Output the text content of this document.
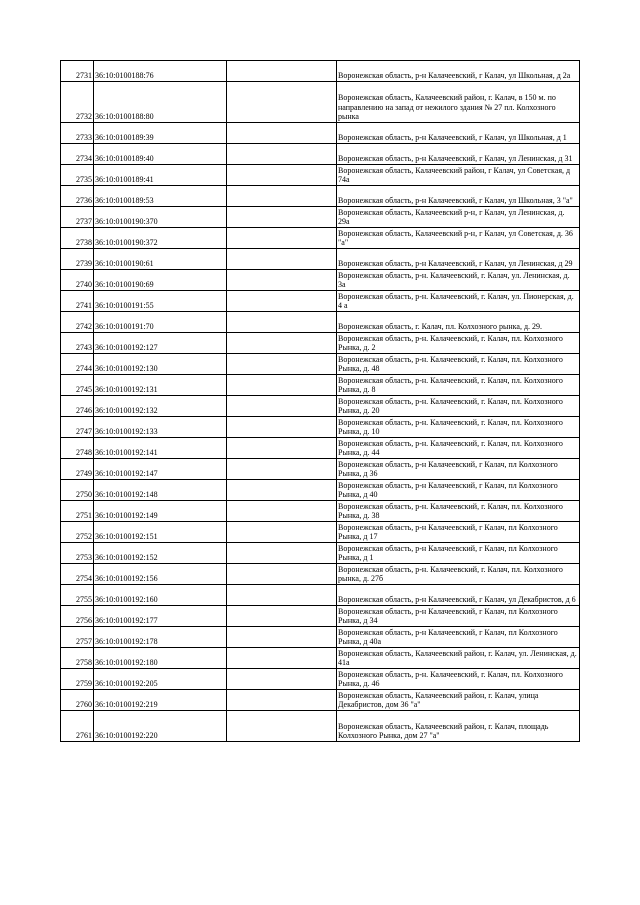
2731	36:10:0100188:76		Воронежская область, р-н Калачеевский, г Калач, ул Школьная, д 2а
2732	36:10:0100188:80		Воронежская область, Калачеевский район, г. Калач, в 150 м. по направлению на запад от нежилого здания № 27 пл. Колхозного рынка
2733	36:10:0100189:39		Воронежская область, р-н Калачеевский, г Калач, ул Школьная, д 1
2734	36:10:0100189:40		Воронежская область, р-н Калачеевский, г Калач, ул Ленинская, д 31
2735	36:10:0100189:41		Воронежская область, Калачеевский район, г Калач, ул Советская, д 74а
2736	36:10:0100189:53		Воронежская область, р-н Калачеевский, г Калач, ул Школьная, 3 "а"
2737	36:10:0100190:370		Воронежская область, Калачеевский р-н, г Калач, ул Ленинская, д. 29а
2738	36:10:0100190:372		Воронежская область, Калачеевский р-н, г Калач, ул Советская, д. 36 "а"
2739	36:10:0100190:61		Воронежская область, р-н Калачеевский, г Калач, ул Ленинская, д 29
2740	36:10:0100190:69		Воронежская область, р-н. Калачеевский, г. Калач, ул. Ленинская, д. 3а
2741	36:10:0100191:55		Воронежская область, р-н. Калачеевский, г. Калач, ул. Пионерская, д. 4 а
2742	36:10:0100191:70		Воронежская область, г. Калач, пл. Колхозного рынка, д. 29.
2743	36:10:0100192:127		Воронежская область, р-н. Калачеевский, г. Калач, пл. Колхозного Рынка, д. 2
2744	36:10:0100192:130		Воронежская область, р-н. Калачеевский, г. Калач, пл. Колхозного Рынка, д. 48
2745	36:10:0100192:131		Воронежская область, р-н. Калачеевский, г. Калач, пл. Колхозного Рынка, д. 8
2746	36:10:0100192:132		Воронежская область, р-н. Калачеевский, г. Калач, пл. Колхозного Рынка, д. 20
2747	36:10:0100192:133		Воронежская область, р-н. Калачеевский, г. Калач, пл. Колхозного Рынка, д. 10
2748	36:10:0100192:141		Воронежская область, р-н. Калачеевский, г. Калач, пл. Колхозного Рынка, д. 44
2749	36:10:0100192:147		Воронежская область, р-н Калачеевский, г Калач, пл Колхозного Рынка, д 36
2750	36:10:0100192:148		Воронежская область, р-н Калачеевский, г Калач, пл Колхозного Рынка, д 40
2751	36:10:0100192:149		Воронежская область, р-н. Калачеевский, г. Калач, пл. Колхозного Рынка, д. 38
2752	36:10:0100192:151		Воронежская область, р-н Калачеевский, г Калач, пл Колхозного Рынка, д 17
2753	36:10:0100192:152		Воронежская область, р-н Калачеевский, г Калач, пл Колхозного Рынка, д 1
2754	36:10:0100192:156		Воронежская область, р-н. Калачеевский, г. Калач, пл. Колхозного рынка, д. 27б
2755	36:10:0100192:160		Воронежская область, р-н Калачеевский, г Калач, ул Декабристов, д 6
2756	36:10:0100192:177		Воронежская область, р-н Калачеевский, г Калач, пл Колхозного Рынка, д 34
2757	36:10:0100192:178		Воронежская область, р-н Калачеевский, г Калач, пл Колхозного Рынка, д 40а
2758	36:10:0100192:180		Воронежская область, Калачеевский район, г. Калач, ул. Ленинская, д. 41а
2759	36:10:0100192:205		Воронежская область, р-н. Калачеевский, г. Калач, пл. Колхозного Рынка, д. 46
2760	36:10:0100192:219		Воронежская область, Калачеевский район, г. Калач, улица Декабристов, дом 36 "а"
2761	36:10:0100192:220		Воронежская область, Калачеевский район, г. Калач, площадь Колхозного Рынка, дом 27 "а"
